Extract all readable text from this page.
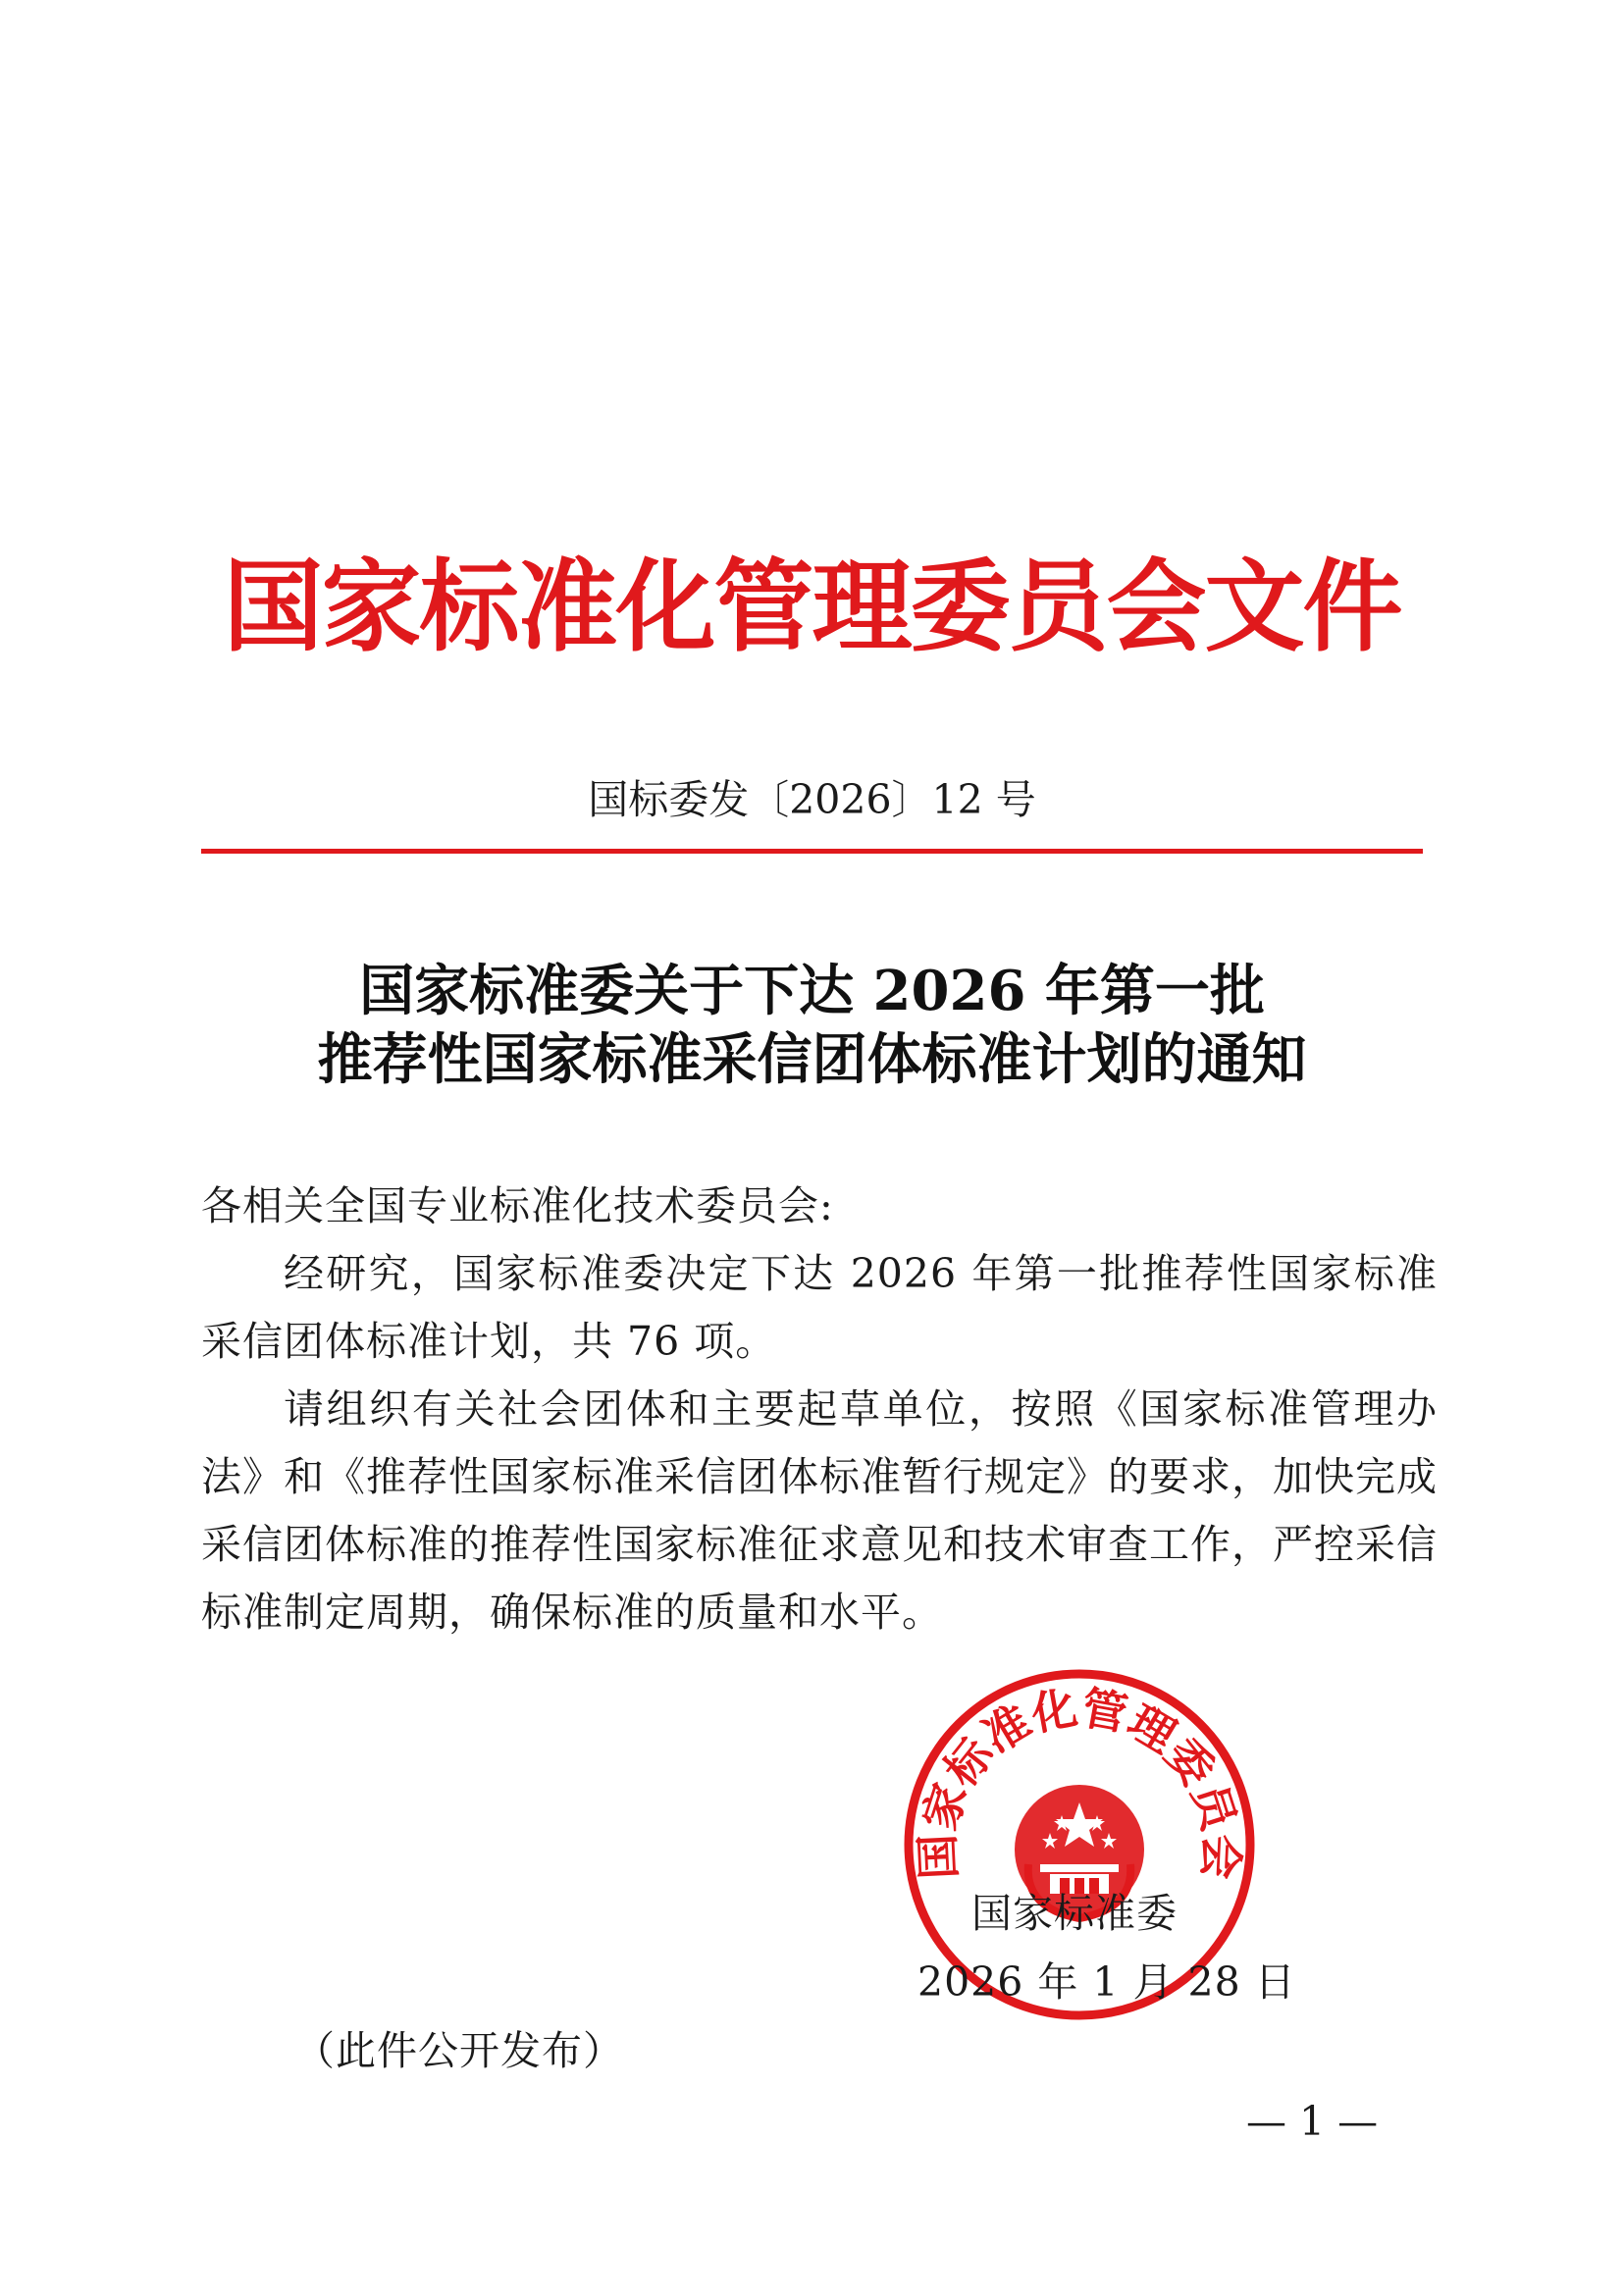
国家标准化管理委员会文件
国标委发〔2026〕12 号
国家标准委关于下达 2026 年第一批
推荐性国家标准采信团体标准计划的通知

各相关全国专业标准化技术委员会:

经研究，国家标准委决定下达 2026 年第一批推荐性国家标准采信团体标准计划，共 76 项。

请组织有关社会团体和主要起草单位，按照《国家标准管理办法》和《推荐性国家标准采信团体标准暂行规定》的要求，加快完成采信团体标准的推荐性国家标准征求意见和技术审查工作，严控采信标准制定周期，确保标准的质量和水平。

国家标准化管理委员会
国家标准委
2026 年 1 月 28 日
（此件公开发布）
— 1 —
